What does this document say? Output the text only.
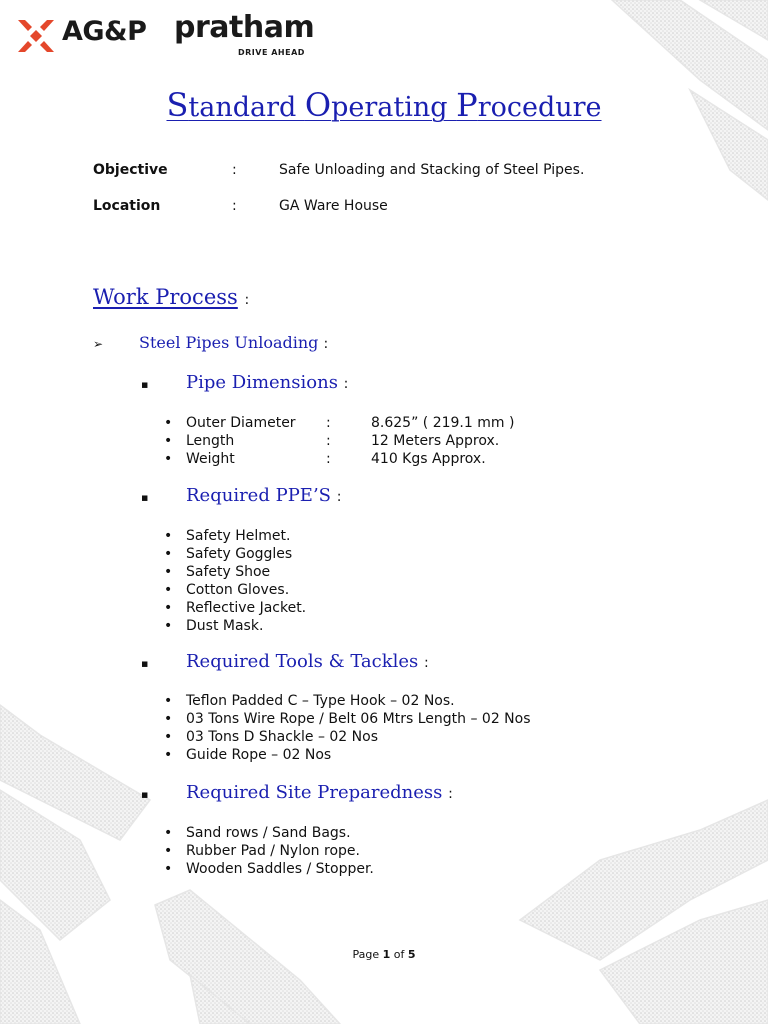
AG&P pratham
DRIVE AHEAD
Standard Operating Procedure
Objective	:	Safe Unloading and Stacking of Steel Pipes.
Location	:	GA Ware House
Work Process :
➢ Steel Pipes Unloading :
▪ Pipe Dimensions :
• Outer Diameter :	8.625” ( 219.1 mm )
• Length	:	12 Meters Approx.
• Weight	:	410 Kgs Approx.
▪ Required PPE’S :
• Safety Helmet.
• Safety Goggles
• Safety Shoe
• Cotton Gloves.
• Reflective Jacket.
• Dust Mask.
▪ Required Tools & Tackles :
• Teflon Padded C – Type Hook – 02 Nos.
• 03 Tons Wire Rope / Belt 06 Mtrs Length – 02 Nos
• 03 Tons D Shackle – 02 Nos
• Guide Rope – 02 Nos
▪ Required Site Preparedness :
• Sand rows / Sand Bags.
• Rubber Pad / Nylon rope.
• Wooden Saddles / Stopper.
Page 1 of 5
